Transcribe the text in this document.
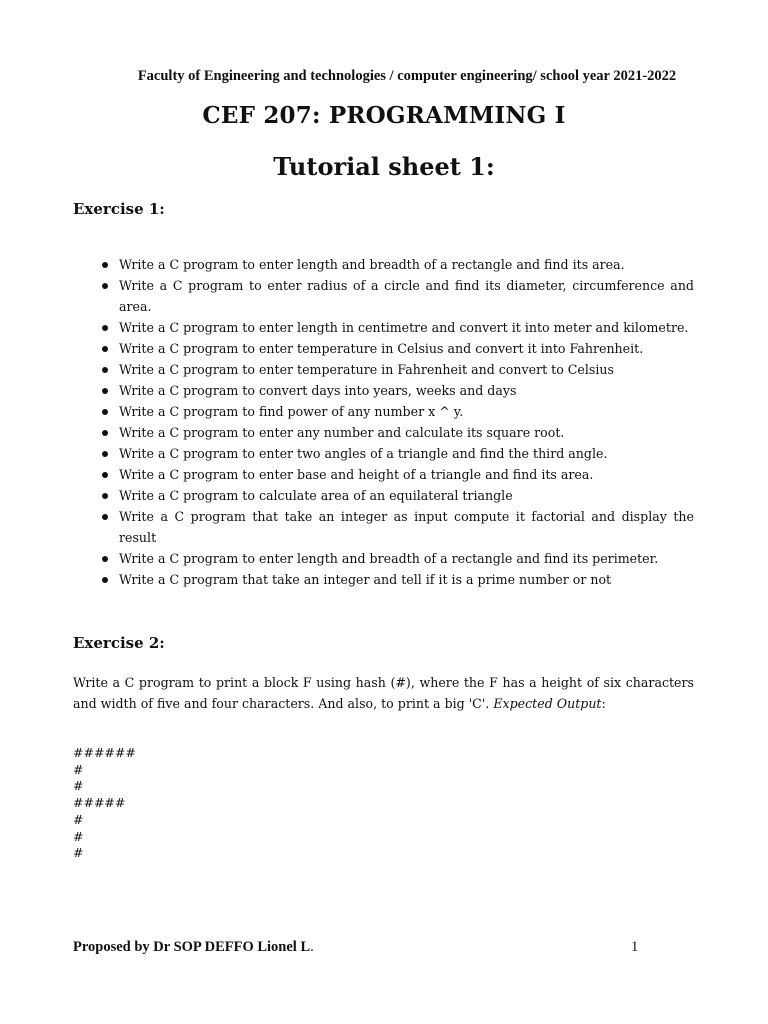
Faculty of Engineering and technologies / computer engineering/ school year 2021-2022
CEF 207: PROGRAMMING I
Tutorial sheet 1:
Exercise 1:
Write a C program to enter length and breadth of a rectangle and find its area.
Write a C program to enter radius of a circle and find its diameter, circumference and area.
Write a C program to enter length in centimetre and convert it into meter and kilometre.
Write a C program to enter temperature in Celsius and convert it into Fahrenheit.
Write a C program to enter temperature in Fahrenheit and convert to Celsius
Write a C program to convert days into years, weeks and days
Write a C program to find power of any number x ^ y.
Write a C program to enter any number and calculate its square root.
Write a C program to enter two angles of a triangle and find the third angle.
Write a C program to enter base and height of a triangle and find its area.
Write a C program to calculate area of an equilateral triangle
Write a C program that take an integer as input compute it factorial and display the result
Write a C program to enter length and breadth of a rectangle and find its perimeter.
Write a C program that take an integer and tell if it is a prime number or not
Exercise 2:

Write a C program to print a block F using hash (#), where the F has a height of six characters and width of five and four characters. And also, to print a big 'C'. Expected Output:

######
#
#
#####
#
#
#
Proposed by Dr SOP DEFFO Lionel L.	1
